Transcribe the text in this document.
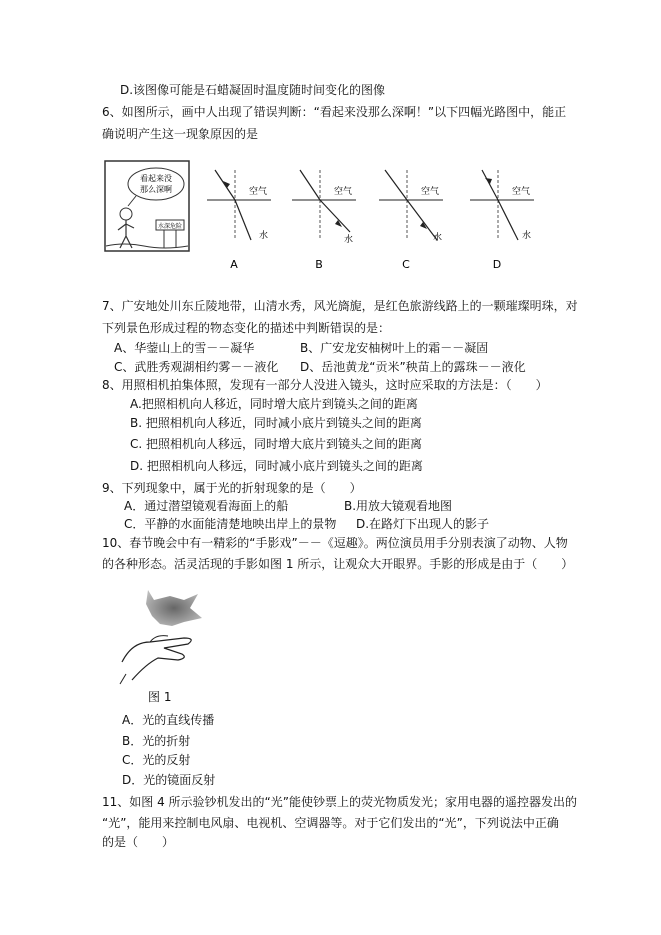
D.该图像可能是石蜡凝固时温度随时间变化的图像
6、如图所示，画中人出现了错误判断：“看起来没那么深啊！”以下四幅光路图中，能正
确说明产生这一现象原因的是
看起来没
那么深啊
水深危险
空气
水
A
空气
水
B
空气
水
C
空气
水
D
7、广安地处川东丘陵地带，山清水秀，风光旖旎，是红色旅游线路上的一颗璀璨明珠，对
下列景色形成过程的物态变化的描述中判断错误的是：
A、华蓥山上的雪－－凝华	B、广安龙安柚树叶上的霜－－凝固
C、武胜秀观湖相约雾－－液化 D、岳池黄龙“贡米”秧苗上的露珠－－液化
8、用照相机拍集体照，发现有一部分人没进入镜头，这时应采取的方法是：（　　）
A.把照相机向人移近，同时增大底片到镜头之间的距离
B. 把照相机向人移近，同时减小底片到镜头之间的距离
C. 把照相机向人移远，同时增大底片到镜头之间的距离
D. 把照相机向人移远，同时减小底片到镜头之间的距离
9、下列现象中，属于光的折射现象的是（　　）
A．通过潜望镜观看海面上的船	B.用放大镜观看地图
C．平静的水面能清楚地映出岸上的景物 D.在路灯下出现人的影子
10、春节晚会中有一精彩的“手影戏”－－《逗趣》。两位演员用手分别表演了动物、人物
的各种形态。活灵活现的手影如图 1 所示，让观众大开眼界。手影的形成是由于（　　）
图 1
A．光的直线传播
B．光的折射
C．光的反射
D．光的镜面反射
11、如图 4 所示验钞机发出的“光”能使钞票上的荧光物质发光；家用电器的遥控器发出的
“光”，能用来控制电风扇、电视机、空调器等。对于它们发出的“光”，下列说法中正确
的是（　　）
